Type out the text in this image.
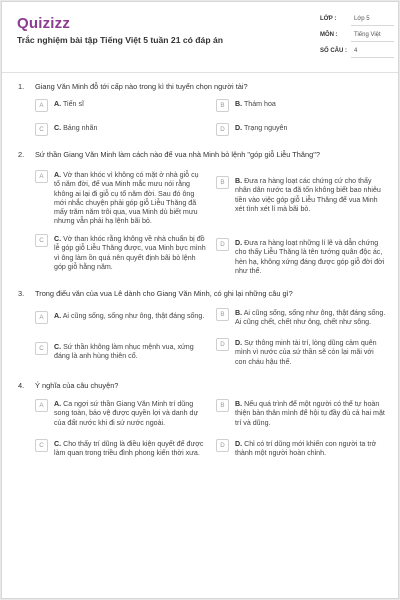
Quizizz
Trắc nghiệm bài tập Tiếng Việt 5 tuần 21 có đáp án
LỚP :	Lớp 5
MÔN :	Tiếng Việt
SỐ CÂU : 4
1. Giang Văn Minh đỗ tới cấp nào trong kì thi tuyển chọn người tài?
A	A. Tiến sĩ	B	B. Thám hoa
C	C. Bảng nhãn	D	D. Trạng nguyên
2. Sứ thần Giang Văn Minh làm cách nào để vua nhà Minh bỏ lệnh "góp giỗ Liễu Thăng"?
A	A. Vờ than khóc vì không có mặt ở nhà giỗ cụ tổ năm đời, để vua Minh mắc mưu nói rằng không ai lại đi giỗ cụ tổ năm đời. Sau đó ông mới nhắc chuyện phải góp giỗ Liễu Thăng đã mấy trăm năm trôi qua, vua Minh dù biết mưu nhưng vẫn phải hạ lệnh bãi bỏ.
B	B. Đưa ra hàng loạt các chứng cứ cho thấy nhân dân nước ta đã tốn không biết bao nhiêu tiền vào việc góp giỗ Liễu Thăng để vua Minh xét tình xét lí mà bãi bỏ.
C	C. Vờ than khóc rằng không về nhà chuẩn bị đồ lễ góp giỗ Liễu Thăng được, vua Minh bực mình vì ông làm ồn quá nên quyết định bãi bỏ lệnh góp giỗ hằng năm.
D	D. Đưa ra hàng loạt những lí lẽ và dẫn chứng cho thấy Liễu Thăng là tên tướng quân độc ác, hèn hạ, không xứng đáng được góp giỗ đời đời như thế.
3. Trong điếu văn của vua Lê dành cho Giang Văn Minh, có ghi lại những câu gì?
A	A. Ai cũng sống, sống như ông, thật đáng sống.	B	B. Ai cũng sống, sống như ông, thật đáng sống. Ai cũng chết, chết như ông, chết như sông.
C	C. Sứ thần không làm nhục mệnh vua, xứng đáng là anh hùng thiên cổ.
D	D. Sự thông minh tài trí, lòng dũng cảm quên mình vì nước của sứ thần sẽ còn lại mãi với con cháu hậu thế.
4. Ý nghĩa của câu chuyện?
A	A. Ca ngợi sứ thần Giang Văn Minh trí dũng song toàn, bảo vệ được quyền lợi và danh dự của đất nước khi đi sứ nước ngoài.
B	B. Nếu quá trình để một người có thể tự hoàn thiện bản thân mình để hội tụ đầy đủ cả hai mặt trí và dũng.
C	C. Cho thấy trí dũng là điều kiện quyết để được làm quan trong triều đình phong kiến thời xưa.
D	D. Chỉ có trí dũng mới khiến con người ta trở thành một người hoàn chỉnh.
